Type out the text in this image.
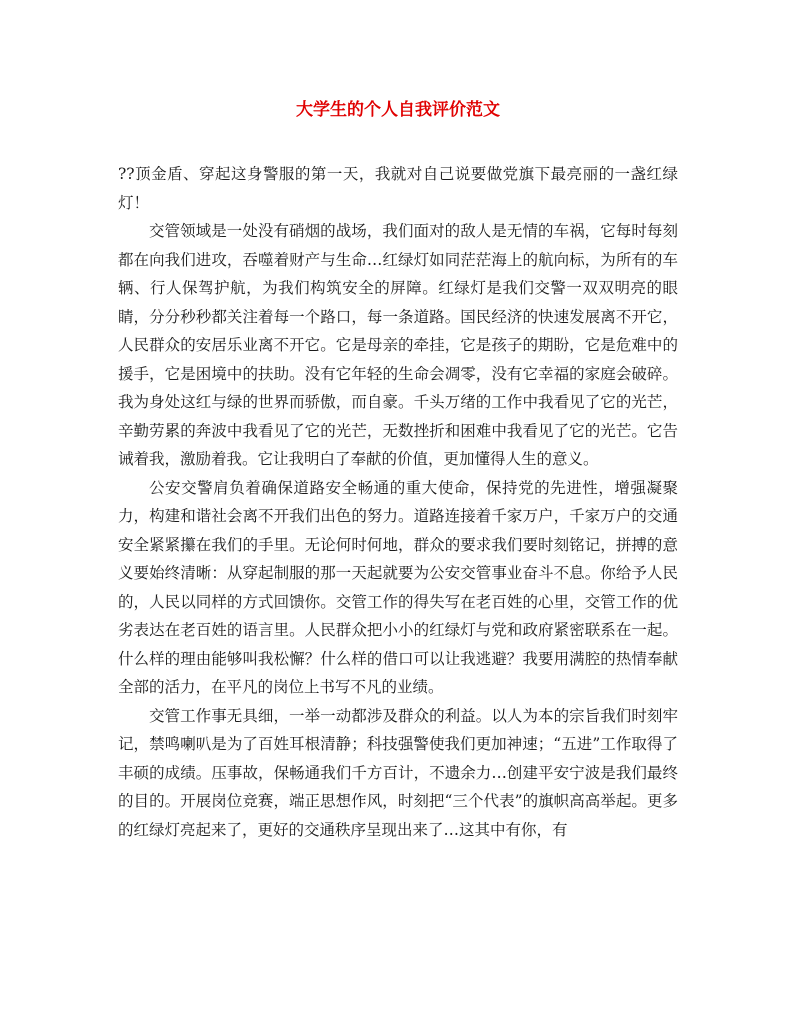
大学生的个人自我评价范文

??顶金盾、穿起这身警服的第一天，我就对自己说要做党旗下最亮丽的一盏红绿灯！

交管领域是一处没有硝烟的战场，我们面对的敌人是无情的车祸，它每时每刻都在向我们进攻，吞噬着财产与生命…红绿灯如同茫茫海上的航向标，为所有的车辆、行人保驾护航，为我们构筑安全的屏障。红绿灯是我们交警一双双明亮的眼睛，分分秒秒都关注着每一个路口，每一条道路。国民经济的快速发展离不开它，人民群众的安居乐业离不开它。它是母亲的牵挂，它是孩子的期盼，它是危难中的援手，它是困境中的扶助。没有它年轻的生命会凋零，没有它幸福的家庭会破碎。我为身处这红与绿的世界而骄傲，而自豪。千头万绪的工作中我看见了它的光芒，辛勤劳累的奔波中我看见了它的光芒，无数挫折和困难中我看见了它的光芒。它告诫着我，激励着我。它让我明白了奉献的价值，更加懂得人生的意义。

公安交警肩负着确保道路安全畅通的重大使命，保持党的先进性，增强凝聚力，构建和谐社会离不开我们出色的努力。道路连接着千家万户，千家万户的交通安全紧紧攥在我们的手里。无论何时何地，群众的要求我们要时刻铭记，拼搏的意义要始终清晰：从穿起制服的那一天起就要为公安交管事业奋斗不息。你给予人民的，人民以同样的方式回馈你。交管工作的得失写在老百姓的心里，交管工作的优劣表达在老百姓的语言里。人民群众把小小的红绿灯与党和政府紧密联系在一起。什么样的理由能够叫我松懈？什么样的借口可以让我逃避？我要用满腔的热情奉献全部的活力，在平凡的岗位上书写不凡的业绩。

交管工作事无具细，一举一动都涉及群众的利益。以人为本的宗旨我们时刻牢记，禁鸣喇叭是为了百姓耳根清静；科技强警使我们更加神速；“五进”工作取得了丰硕的成绩。压事故，保畅通我们千方百计，不遗余力…创建平安宁波是我们最终的目的。开展岗位竞赛，端正思想作风，时刻把“三个代表”的旗帜高高举起。更多的红绿灯亮起来了，更好的交通秩序呈现出来了…这其中有你，有
